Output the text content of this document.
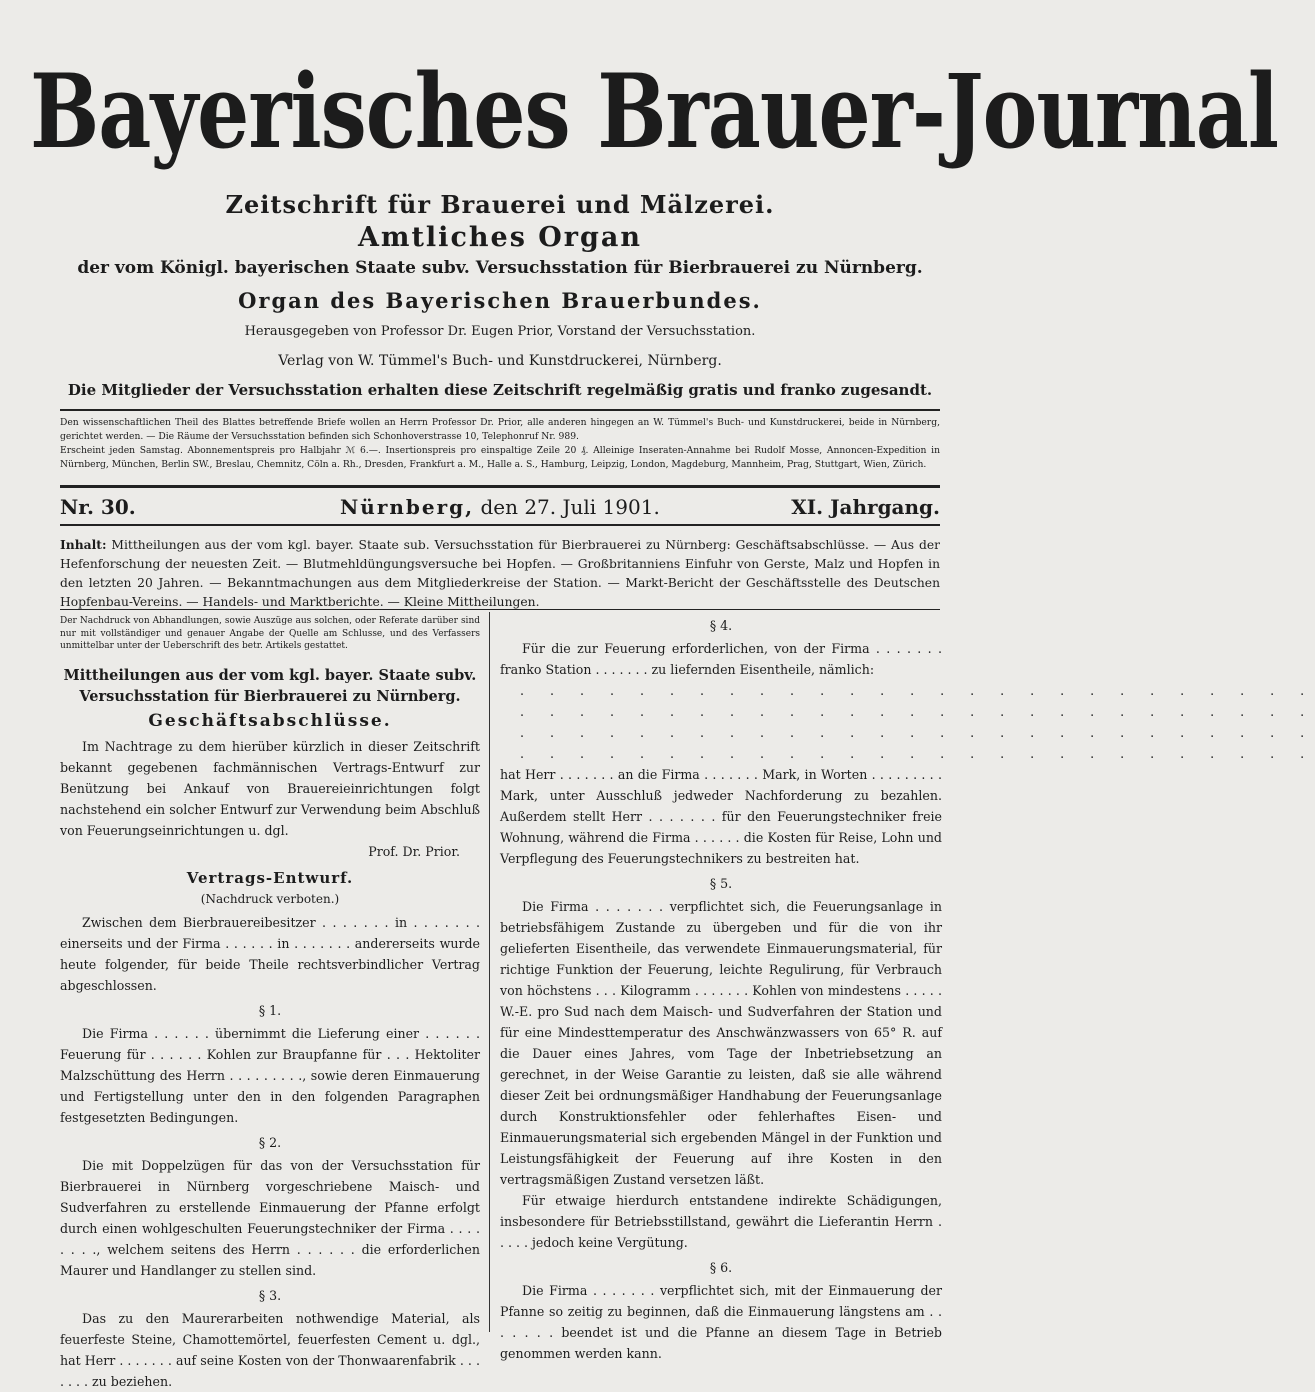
Bayerisches Brauer-Journal
Zeitschrift für Brauerei und Mälzerei.
Amtliches Organ
der vom Königl. bayerischen Staate subv. Versuchsstation für Bierbrauerei zu Nürnberg.
Organ des Bayerischen Brauerbundes.
Herausgegeben von Professor Dr. Eugen Prior, Vorstand der Versuchsstation.
Verlag von W. Tümmel's Buch- und Kunstdruckerei, Nürnberg.
Die Mitglieder der Versuchsstation erhalten diese Zeitschrift regelmäßig gratis und franko zugesandt.

Den wissenschaftlichen Theil des Blattes betreffende Briefe wollen an Herrn Professor Dr. Prior, alle anderen hingegen an W. Tümmel's Buch- und Kunstdruckerei, beide in Nürnberg, gerichtet werden. — Die Räume der Versuchsstation befinden sich Schonhoverstrasse 10, Telephonruf Nr. 989.

Erscheint jeden Samstag. Abonnementspreis pro Halbjahr ℳ 6.—. Insertionspreis pro einspaltige Zeile 20 ₰. Alleinige Inseraten-Annahme bei Rudolf Mosse, Annoncen-Expedition in Nürnberg, München, Berlin SW., Breslau, Chemnitz, Cöln a. Rh., Dresden, Frankfurt a. M., Halle a. S., Hamburg, Leipzig, London, Magdeburg, Mannheim, Prag, Stuttgart, Wien, Zürich.

Nr. 30.	Nürnberg, den 27. Juli 1901.	XI. Jahrgang.
Inhalt: Mittheilungen aus der vom kgl. bayer. Staate sub. Versuchsstation für Bierbrauerei zu Nürnberg: Geschäftsabschlüsse. — Aus der Hefenforschung der neuesten Zeit. — Blutmehldüngungsversuche bei Hopfen. — Großbritanniens Einfuhr von Gerste, Malz und Hopfen in den letzten 20 Jahren. — Bekanntmachungen aus dem Mitgliederkreise der Station. — Markt-Bericht der Geschäftsstelle des Deutschen Hopfenbau-Vereins. — Handels- und Marktberichte. — Kleine Mittheilungen.

Der Nachdruck von Abhandlungen, sowie Auszüge aus solchen, oder Referate darüber sind nur mit vollständiger und genauer Angabe der Quelle am Schlusse, und des Verfassers unmittelbar unter der Ueberschrift des betr. Artikels gestattet.

Mittheilungen aus der vom kgl. bayer. Staate subv. Versuchsstation für Bierbrauerei zu Nürnberg.

Geschäftsabschlüsse.

Im Nachtrage zu dem hierüber kürzlich in dieser Zeitschrift bekannt gegebenen fachmännischen Vertrags-Entwurf zur Benützung bei Ankauf von Brauereieinrichtungen folgt nachstehend ein solcher Entwurf zur Verwendung beim Abschluß von Feuerungseinrichtungen u. dgl.

Prof. Dr. Prior.

Vertrags-Entwurf.

(Nachdruck verboten.)

Zwischen dem Bierbrauereibesitzer . . . . . . . in . . . . . . . einerseits und der Firma . . . . . . in . . . . . . . andererseits wurde heute folgender, für beide Theile rechtsverbindlicher Vertrag abgeschlossen.

§ 1.

Die Firma . . . . . . übernimmt die Lieferung einer . . . . . . Feuerung für . . . . . . Kohlen zur Braupfanne für . . . Hektoliter Malzschüttung des Herrn . . . . . . . . ., sowie deren Einmauerung und Fertigstellung unter den in den folgenden Paragraphen festgesetzten Bedingungen.

§ 2.

Die mit Doppelzügen für das von der Versuchsstation für Bierbrauerei in Nürnberg vorgeschriebene Maisch- und Sudverfahren zu erstellende Einmauerung der Pfanne erfolgt durch einen wohlgeschulten Feuerungstechniker der Firma . . . . . . . ., welchem seitens des Herrn . . . . . . die erforderlichen Maurer und Handlanger zu stellen sind.

§ 3.

Das zu den Maurerarbeiten nothwendige Material, als feuerfeste Steine, Chamottemörtel, feuerfesten Cement u. dgl., hat Herr . . . . . . . auf seine Kosten von der Thonwaarenfabrik . . . . . . . zu beziehen.

§ 4.

Für die zur Feuerung erforderlichen, von der Firma . . . . . . . franko Station . . . . . . . zu liefernden Eisentheile, nämlich:

. . . . . . . . . . . . . . . . . . . . . . . . . . .

. . . . . . . . . . . . . . . . . . . . . . . . . . .

. . . . . . . . . . . . . . . . . . . . . . . . . . .

. . . . . . . . . . . . . . . . . . . . . . . . . . .

hat Herr . . . . . . . an die Firma . . . . . . . Mark, in Worten . . . . . . . . . Mark, unter Ausschluß jedweder Nachforderung zu bezahlen. Außerdem stellt Herr . . . . . . . für den Feuerungstechniker freie Wohnung, während die Firma . . . . . . die Kosten für Reise, Lohn und Verpflegung des Feuerungstechnikers zu bestreiten hat.

§ 5.

Die Firma . . . . . . . verpflichtet sich, die Feuerungsanlage in betriebsfähigem Zustande zu übergeben und für die von ihr gelieferten Eisentheile, das verwendete Einmauerungsmaterial, für richtige Funktion der Feuerung, leichte Regulirung, für Verbrauch von höchstens . . . Kilogramm . . . . . . . Kohlen von mindestens . . . . . W.-E. pro Sud nach dem Maisch- und Sudverfahren der Station und für eine Mindesttemperatur des Anschwänzwassers von 65° R. auf die Dauer eines Jahres, vom Tage der Inbetriebsetzung an gerechnet, in der Weise Garantie zu leisten, daß sie alle während dieser Zeit bei ordnungsmäßiger Handhabung der Feuerungsanlage durch Konstruktionsfehler oder fehlerhaftes Eisen- und Einmauerungsmaterial sich ergebenden Mängel in der Funktion und Leistungsfähigkeit der Feuerung auf ihre Kosten in den vertragsmäßigen Zustand versetzen läßt.

Für etwaige hierdurch entstandene indirekte Schädigungen, insbesondere für Betriebsstillstand, gewährt die Lieferantin Herrn . . . . . jedoch keine Vergütung.

§ 6.

Die Firma . . . . . . . verpflichtet sich, mit der Einmauerung der Pfanne so zeitig zu beginnen, daß die Einmauerung längstens am . . . . . . . beendet ist und die Pfanne an diesem Tage in Betrieb genommen werden kann.
